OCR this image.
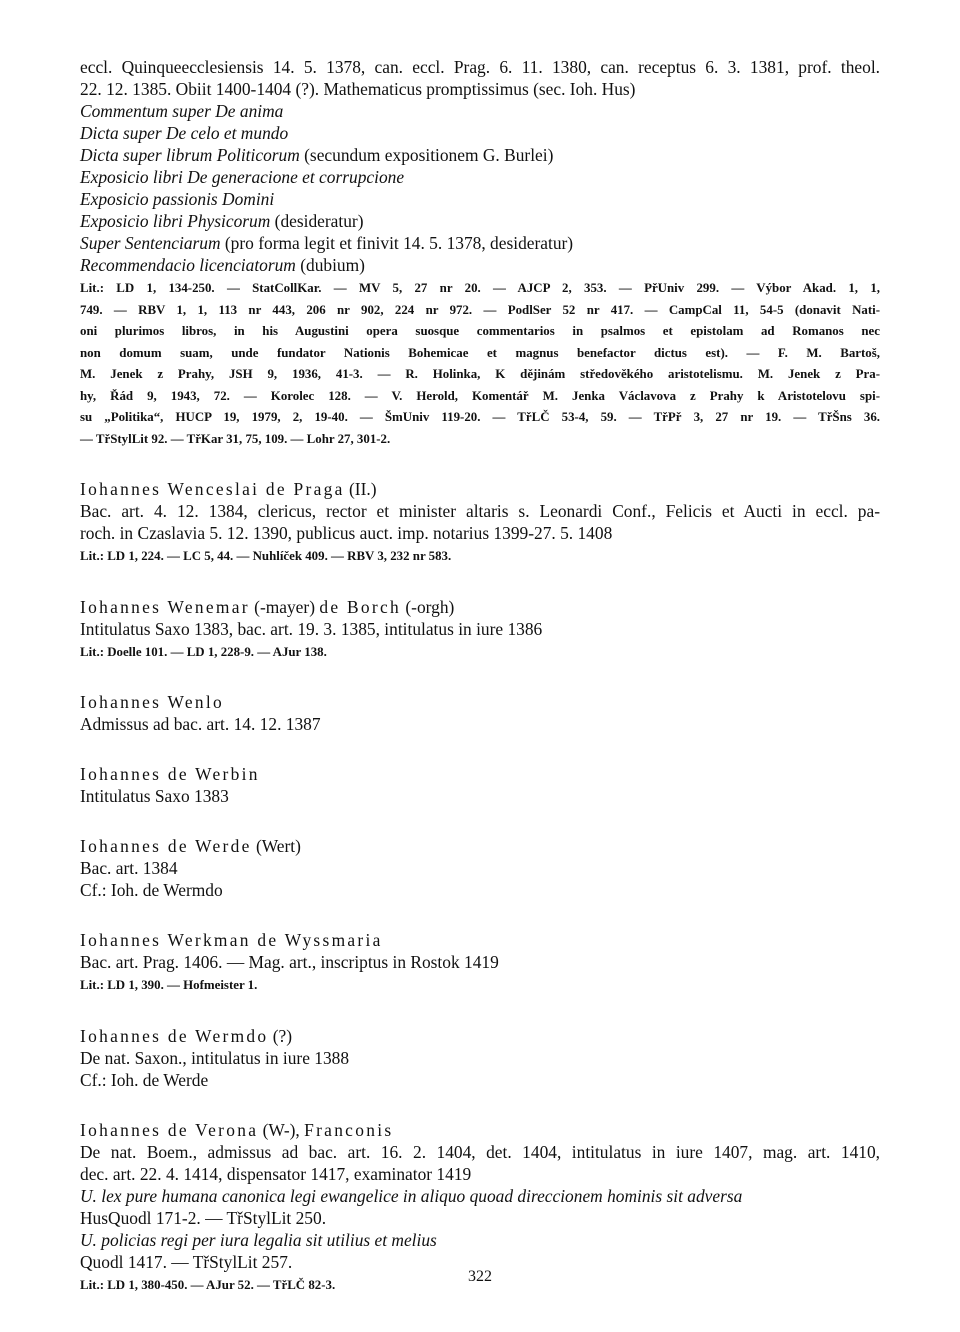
eccl. Quinqueecclesiensis 14. 5. 1378, can. eccl. Prag. 6. 11. 1380, can. receptus 6. 3. 1381, prof. theol.
22. 12. 1385. Obiit 1400-1404 (?). Mathematicus promptissimus (sec. Ioh. Hus)
Commentum super De anima
Dicta super De celo et mundo
Dicta super librum Politicorum (secundum expositionem G. Burlei)
Exposicio libri De generacione et corrupcione
Exposicio passionis Domini
Exposicio libri Physicorum (desideratur)
Super Sentenciarum (pro forma legit et finivit 14. 5. 1378, desideratur)
Recommendacio licenciatorum (dubium)
Lit.: LD 1, 134-250. — StatCollKar. — MV 5, 27 nr 20. — AJCP 2, 353. — PřUniv 299. — Výbor Akad. 1, 1,
749. — RBV 1, 1, 113 nr 443, 206 nr 902, 224 nr 972. — PodlSer 52 nr 417. — CampCal 11, 54-5 (donavit Nati-
oni plurimos libros, in his Augustini opera suosque commentarios in psalmos et epistolam ad Romanos nec
non domum suam, unde fundator Nationis Bohemicae et magnus benefactor dictus est). — F. M. Bartoš,
M. Jenek z Prahy, JSH 9, 1936, 41-3. — R. Holinka, K dějinám středověkého aristotelismu. M. Jenek z Pra-
hy, Řád 9, 1943, 72. — Korolec 128. — V. Herold, Komentář M. Jenka Václavova z Prahy k Aristotelovu spi-
su „Politika“, HUCP 19, 1979, 2, 19-40. — ŠmUniv 119-20. — TřLČ 53-4, 59. — TřPř 3, 27 nr 19. — TřŠns 36.
— TřStylLit 92. — TřKar 31, 75, 109. — Lohr 27, 301-2.
Iohannes Wenceslai de Praga (II.)
Bac. art. 4. 12. 1384, clericus, rector et minister altaris s. Leonardi Conf., Felicis et Aucti in eccl. pa-
roch. in Czaslavia 5. 12. 1390, publicus auct. imp. notarius 1399-27. 5. 1408
Lit.: LD 1, 224. — LC 5, 44. — Nuhlíček 409. — RBV 3, 232 nr 583.
Iohannes Wenemar (-mayer) de Borch (-orgh)
Intitulatus Saxo 1383, bac. art. 19. 3. 1385, intitulatus in iure 1386
Lit.: Doelle 101. — LD 1, 228-9. — AJur 138.
Iohannes Wenlo
Admissus ad bac. art. 14. 12. 1387
Iohannes de Werbin
Intitulatus Saxo 1383
Iohannes de Werde (Wert)
Bac. art. 1384
Cf.: Ioh. de Wermdo
Iohannes Werkman de Wyssmaria
Bac. art. Prag. 1406. — Mag. art., inscriptus in Rostok 1419
Lit.: LD 1, 390. — Hofmeister 1.
Iohannes de Wermdo (?)
De nat. Saxon., intitulatus in iure 1388
Cf.: Ioh. de Werde
Iohannes de Verona (W-), Franconis
De nat. Boem., admissus ad bac. art. 16. 2. 1404, det. 1404, intitulatus in iure 1407, mag. art. 1410,
dec. art. 22. 4. 1414, dispensator 1417, examinator 1419
U. lex pure humana canonica legi ewangelice in aliquo quoad direccionem hominis sit adversa
HusQuodl 171-2. — TřStylLit 250.
U. policias regi per iura legalia sit utilius et melius
Quodl 1417. — TřStylLit 257.
Lit.: LD 1, 380-450. — AJur 52. — TřLČ 82-3.	322
